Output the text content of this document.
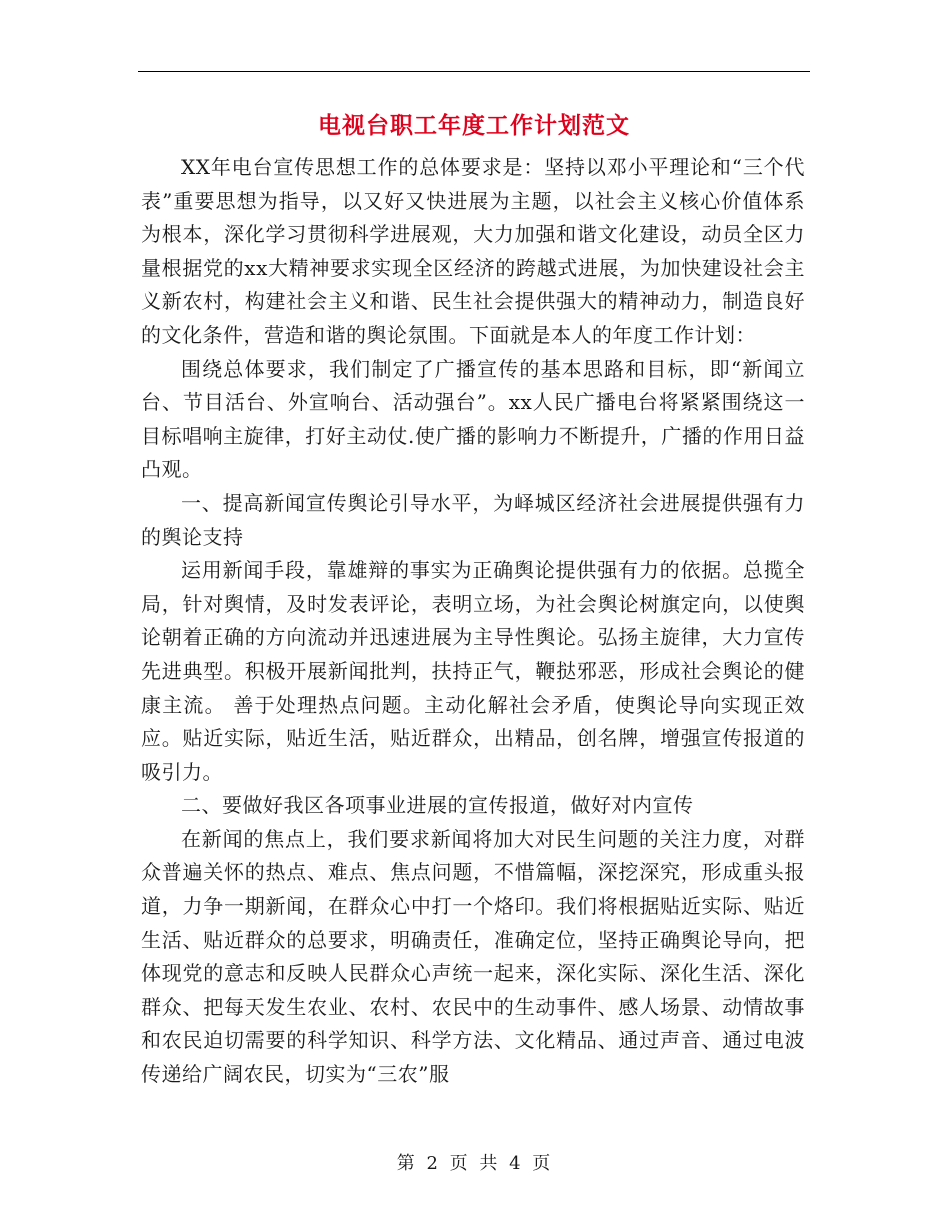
电视台职工年度工作计划范文

XX年电台宣传思想工作的总体要求是：坚持以邓小平理论和“三个代表”重要思想为指导，以又好又快进展为主题，以社会主义核心价值体系为根本，深化学习贯彻科学进展观，大力加强和谐文化建设，动员全区力量根据党的xx大精神要求实现全区经济的跨越式进展，为加快建设社会主义新农村，构建社会主义和谐、民生社会提供强大的精神动力，制造良好的文化条件，营造和谐的舆论氛围。下面就是本人的年度工作计划：

围绕总体要求，我们制定了广播宣传的基本思路和目标，即“新闻立台、节目活台、外宣响台、活动强台”。xx人民广播电台将紧紧围绕这一目标唱响主旋律，打好主动仗.使广播的影响力不断提升，广播的作用日益凸观。

一、提高新闻宣传舆论引导水平，为峄城区经济社会进展提供强有力的舆论支持

运用新闻手段，靠雄辩的事实为正确舆论提供强有力的依据。总揽全局，针对舆情，及时发表评论，表明立场，为社会舆论树旗定向，以使舆论朝着正确的方向流动并迅速进展为主导性舆论。弘扬主旋律，大力宣传先进典型。积极开展新闻批判，扶持正气，鞭挞邪恶，形成社会舆论的健康主流。 善于处理热点问题。主动化解社会矛盾，使舆论导向实现正效应。贴近实际，贴近生活，贴近群众，出精品，创名牌，增强宣传报道的吸引力。

二、要做好我区各项事业进展的宣传报道，做好对内宣传

在新闻的焦点上，我们要求新闻将加大对民生问题的关注力度，对群众普遍关怀的热点、难点、焦点问题，不惜篇幅，深挖深究，形成重头报道，力争一期新闻，在群众心中打一个烙印。我们将根据贴近实际、贴近生活、贴近群众的总要求，明确责任，准确定位，坚持正确舆论导向，把体现党的意志和反映人民群众心声统一起来，深化实际、深化生活、深化群众、把每天发生农业、农村、农民中的生动事件、感人场景、动情故事和农民迫切需要的科学知识、科学方法、文化精品、通过声音、通过电波传递给广阔农民，切实为“三农”服

第 2 页 共 4 页
